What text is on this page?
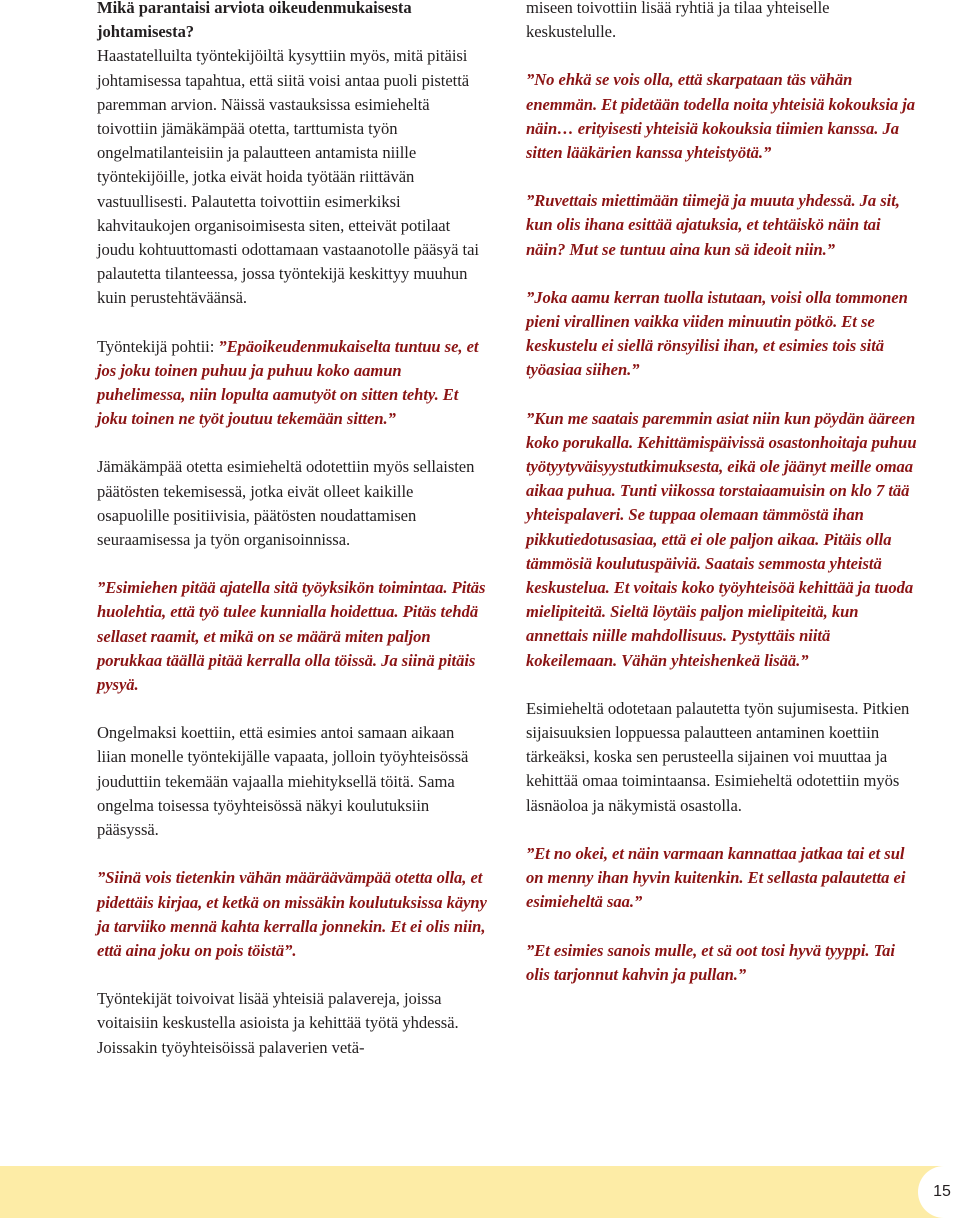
Mikä parantaisi arviota oikeudenmukaisesta johtamisesta?

Haastatelluilta työntekijöiltä kysyttiin myös, mitä pitäisi johtamisessa tapahtua, että siitä voisi antaa puoli pistettä paremman arvion. Näissä vastauksissa esimieheltä toivottiin jämäkämpää otetta, tarttumista työn ongelmatilanteisiin ja palautteen antamista niille työntekijöille, jotka eivät hoida työtään riittävän vastuullisesti. Palautetta toivottiin esimerkiksi kahvitaukojen organisoimisesta siten, etteivät potilaat joudu kohtuuttomasti odottamaan vastaanotolle pääsyä tai palautetta tilanteessa, jossa työntekijä keskittyy muuhun kuin perustehtäväänsä.

Työntekijä pohtii: ”Epäoikeudenmukaiselta tuntuu se, et jos joku toinen puhuu ja puhuu koko aamun puhelimessa, niin lopulta aamutyöt on sitten tehty. Et joku toinen ne työt joutuu tekemään sitten.”

Jämäkämpää otetta esimieheltä odotettiin myös sellaisten päätösten tekemisessä, jotka eivät olleet kaikille osapuolille positiivisia, päätösten noudattamisen seuraamisessa ja työn organisoinnissa.

”Esimiehen pitää ajatella sitä työyksikön toimintaa. Pitäs huolehtia, että työ tulee kunnialla hoidettua. Pitäs tehdä sellaset raamit, et mikä on se määrä miten paljon porukkaa täällä pitää kerralla olla töissä. Ja siinä pitäis pysyä.

Ongelmaksi koettiin, että esimies antoi samaan aikaan liian monelle työntekijälle vapaata, jolloin työyhteisössä jouduttiin tekemään vajaalla miehityksellä töitä. Sama ongelma toisessa työyhteisössä näkyi koulutuksiin pääsyssä.

”Siinä vois tietenkin vähän määräävämpää otetta olla, et pidettäis kirjaa, et ketkä on missäkin koulutuksissa käyny ja tarviiko mennä kahta kerralla jonnekin. Et ei olis niin, että aina joku on pois töistä”.

Työntekijät toivoivat lisää yhteisiä palavereja, joissa voitaisiin keskustella asioista ja kehittää työtä yhdessä. Joissakin työyhteisöissä palaverien vetä-

miseen toivottiin lisää ryhtiä ja tilaa yhteiselle keskustelulle.

”No ehkä se vois olla, että skarpataan täs vähän enemmän. Et pidetään todella noita yhteisiä kokouksia ja näin… erityisesti yhteisiä kokouksia tiimien kanssa. Ja sitten lääkärien kanssa yhteistyötä.”

”Ruvettais miettimään tiimejä ja muuta yhdessä. Ja sit, kun olis ihana esittää ajatuksia, et tehtäiskö näin tai näin? Mut se tuntuu aina kun sä ideoit niin.”

”Joka aamu kerran tuolla istutaan, voisi olla tommonen pieni virallinen vaikka viiden minuutin pötkö. Et se keskustelu ei siellä rönsyilisi ihan, et esimies tois sitä työasiaa siihen.”

”Kun me saatais paremmin asiat niin kun pöydän ääreen koko porukalla. Kehittämispäivissä osastonhoitaja puhuu työtyytyväisyystutkimuksesta, eikä ole jäänyt meille omaa aikaa puhua. Tunti viikossa torstaiaamuisin on klo 7 tää yhteispalaveri. Se tuppaa olemaan tämmöstä ihan pikkutiedotusasiaa, että ei ole paljon aikaa. Pitäis olla tämmösiä koulutuspäiviä. Saatais semmosta yhteistä keskustelua. Et voitais koko työyhteisöä kehittää ja tuoda mielipiteitä. Sieltä löytäis paljon mielipiteitä, kun annettais niille mahdollisuus. Pystyttäis niitä kokeilemaan. Vähän yhteishenkeä lisää.”

Esimieheltä odotetaan palautetta työn sujumisesta. Pitkien sijaisuuksien loppuessa palautteen antaminen koettiin tärkeäksi, koska sen perusteella sijainen voi muuttaa ja kehittää omaa toimintaansa. Esimieheltä odotettiin myös läsnäoloa ja näkymistä osastolla.

”Et no okei, et näin varmaan kannattaa jatkaa tai et sul on menny ihan hyvin kuitenkin. Et sellasta palautetta ei esimieheltä saa.”

”Et esimies sanois mulle, et sä oot tosi hyvä tyyppi. Tai olis tarjonnut kahvin ja pullan.”

15
